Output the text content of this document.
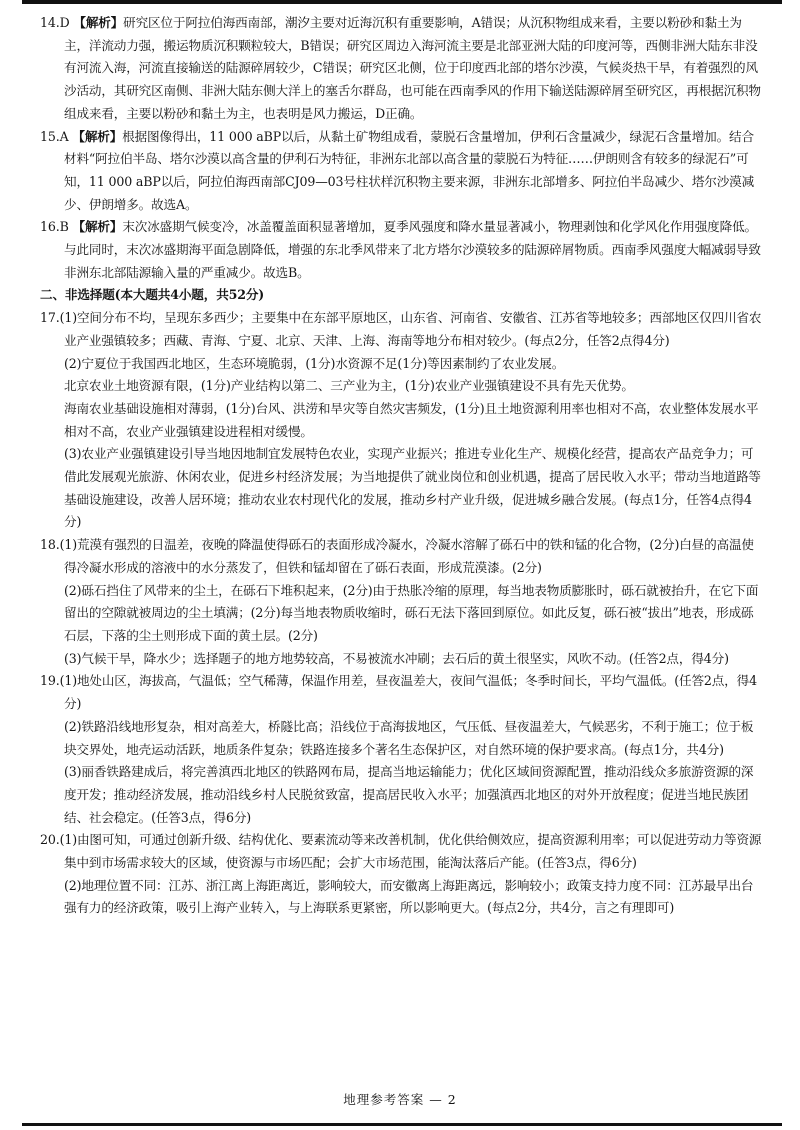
14.D 【解析】研究区位于阿拉伯海西南部，潮汐主要对近海沉积有重要影响，A错误；从沉积物组成来看，主要以粉砂和黏土为主，洋流动力强，搬运物质沉积颗粒较大，B错误；研究区周边入海河流主要是北部亚洲大陆的印度河等，西侧非洲大陆东非没有河流入海，河流直接输送的陆源碎屑较少，C错误；研究区北侧，位于印度西北部的塔尔沙漠，气候炎热干旱，有着强烈的风沙活动，其研究区南侧、非洲大陆东侧大洋上的塞舌尔群岛，也可能在西南季风的作用下输送陆源碎屑至研究区，再根据沉积物组成来看，主要以粉砂和黏土为主，也表明是风力搬运，D正确。

15.A 【解析】根据图像得出，11 000 aBP以后，从黏土矿物组成看，蒙脱石含量增加，伊利石含量减少，绿泥石含量增加。结合材料“阿拉伯半岛、塔尔沙漠以高含量的伊利石为特征，非洲东北部以高含量的蒙脱石为特征……伊朗则含有较多的绿泥石”可知，11 000 aBP以后，阿拉伯海西南部CJ09—03号柱状样沉积物主要来源，非洲东北部增多、阿拉伯半岛减少、塔尔沙漠减少、伊朗增多。故选A。

16.B 【解析】末次冰盛期气候变冷，冰盖覆盖面积显著增加，夏季风强度和降水量显著减小，物理剥蚀和化学风化作用强度降低。与此同时，末次冰盛期海平面急剧降低，增强的东北季风带来了北方塔尔沙漠较多的陆源碎屑物质。西南季风强度大幅减弱导致非洲东北部陆源输入量的严重减少。故选B。

二、非选择题(本大题共4小题，共52分)

17.(1)空间分布不均，呈现东多西少；主要集中在东部平原地区，山东省、河南省、安徽省、江苏省等地较多；西部地区仅四川省农业产业强镇较多；西藏、青海、宁夏、北京、天津、上海、海南等地分布相对较少。(每点2分，任答2点得4分)

(2)宁夏位于我国西北地区，生态环境脆弱，(1分)水资源不足(1分)等因素制约了农业发展。

北京农业土地资源有限，(1分)产业结构以第二、三产业为主，(1分)农业产业强镇建设不具有先天优势。

海南农业基础设施相对薄弱，(1分)台风、洪涝和旱灾等自然灾害频发，(1分)且土地资源利用率也相对不高，农业整体发展水平相对不高，农业产业强镇建设进程相对缓慢。

(3)农业产业强镇建设引导当地因地制宜发展特色农业，实现产业振兴；推进专业化生产、规模化经营，提高农产品竞争力；可借此发展观光旅游、休闲农业，促进乡村经济发展；为当地提供了就业岗位和创业机遇，提高了居民收入水平；带动当地道路等基础设施建设，改善人居环境；推动农业农村现代化的发展，推动乡村产业升级，促进城乡融合发展。(每点1分，任答4点得4分)

18.(1)荒漠有强烈的日温差，夜晚的降温使得砾石的表面形成冷凝水，冷凝水溶解了砾石中的铁和锰的化合物，(2分)白昼的高温使得冷凝水形成的溶液中的水分蒸发了，但铁和锰却留在了砾石表面，形成荒漠漆。(2分)

(2)砾石挡住了风带来的尘土，在砾石下堆积起来，(2分)由于热胀冷缩的原理，每当地表物质膨胀时，砾石就被抬升，在它下面留出的空隙就被周边的尘土填满；(2分)每当地表物质收缩时，砾石无法下落回到原位。如此反复，砾石被“拔出”地表，形成砾石层，下落的尘土则形成下面的黄土层。(2分)

(3)气候干旱，降水少；选择题子的地方地势较高，不易被流水冲刷；去石后的黄土很坚实，风吹不动。(任答2点，得4分)

19.(1)地处山区，海拔高，气温低；空气稀薄，保温作用差，昼夜温差大，夜间气温低；冬季时间长，平均气温低。(任答2点，得4分)

(2)铁路沿线地形复杂，相对高差大，桥隧比高；沿线位于高海拔地区，气压低、昼夜温差大，气候恶劣，不利于施工；位于板块交界处，地壳运动活跃，地质条件复杂；铁路连接多个著名生态保护区，对自然环境的保护要求高。(每点1分，共4分)

(3)丽香铁路建成后，将完善滇西北地区的铁路网布局，提高当地运输能力；优化区域间资源配置，推动沿线众多旅游资源的深度开发；推动经济发展，推动沿线乡村人民脱贫致富，提高居民收入水平；加强滇西北地区的对外开放程度；促进当地民族团结、社会稳定。(任答3点，得6分)

20.(1)由图可知，可通过创新升级、结构优化、要素流动等来改善机制，优化供给侧效应，提高资源利用率；可以促进劳动力等资源集中到市场需求较大的区域，使资源与市场匹配；会扩大市场范围，能淘汰落后产能。(任答3点，得6分)

(2)地理位置不同：江苏、浙江离上海距离近，影响较大，而安徽离上海距离远，影响较小；政策支持力度不同：江苏最早出台强有力的经济政策，吸引上海产业转入，与上海联系更紧密，所以影响更大。(每点2分，共4分，言之有理即可)

地理参考答案 — 2
